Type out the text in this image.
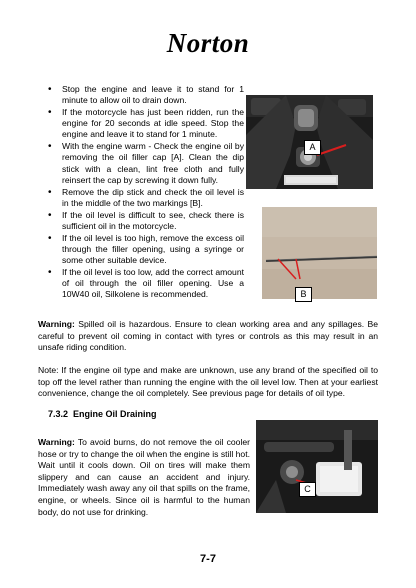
Norton
• Stop the engine and leave it to stand for 1 minute to allow oil to drain down.
• If the motorcycle has just been ridden, run the engine for 20 seconds at idle speed. Stop the engine and leave it to stand for 1 minute.
• With the engine warm - Check the engine oil by removing the oil filler cap [A]. Clean the dip stick with a clean, lint free cloth and fully reinsert the cap by screwing it down fully.
• Remove the dip stick and check the oil level is in the middle of the two markings [B].
• If the oil level is difficult to see, check there is sufficient oil in the motorcycle.
• If the oil level is too high, remove the excess oil through the filler opening, using a syringe or some other suitable device.
• If the oil level is too low, add the correct amount of oil through the oil filler opening. Use a 10W40 oil, Silkolene is recommended.
A
B

Warning: Spilled oil is hazardous. Ensure to clean working area and any spillages. Be careful to prevent oil coming in contact with tyres or controls as this may result in an unsafe riding condition.

Note: If the engine oil type and make are unknown, use any brand of the specified oil to top off the level rather than running the engine with the oil level low. Then at your earliest convenience, change the oil completely. See previous page for details of oil type.

7.3.2 Engine Oil Draining

Warning: To avoid burns, do not remove the oil cooler hose or try to change the oil when the engine is still hot. Wait until it cools down. Oil on tires will make them slippery and can cause an accident and injury. Immediately wash away any oil that spills on the frame, engine, or wheels. Since oil is harmful to the human body, do not use for drinking.

C
7-7
